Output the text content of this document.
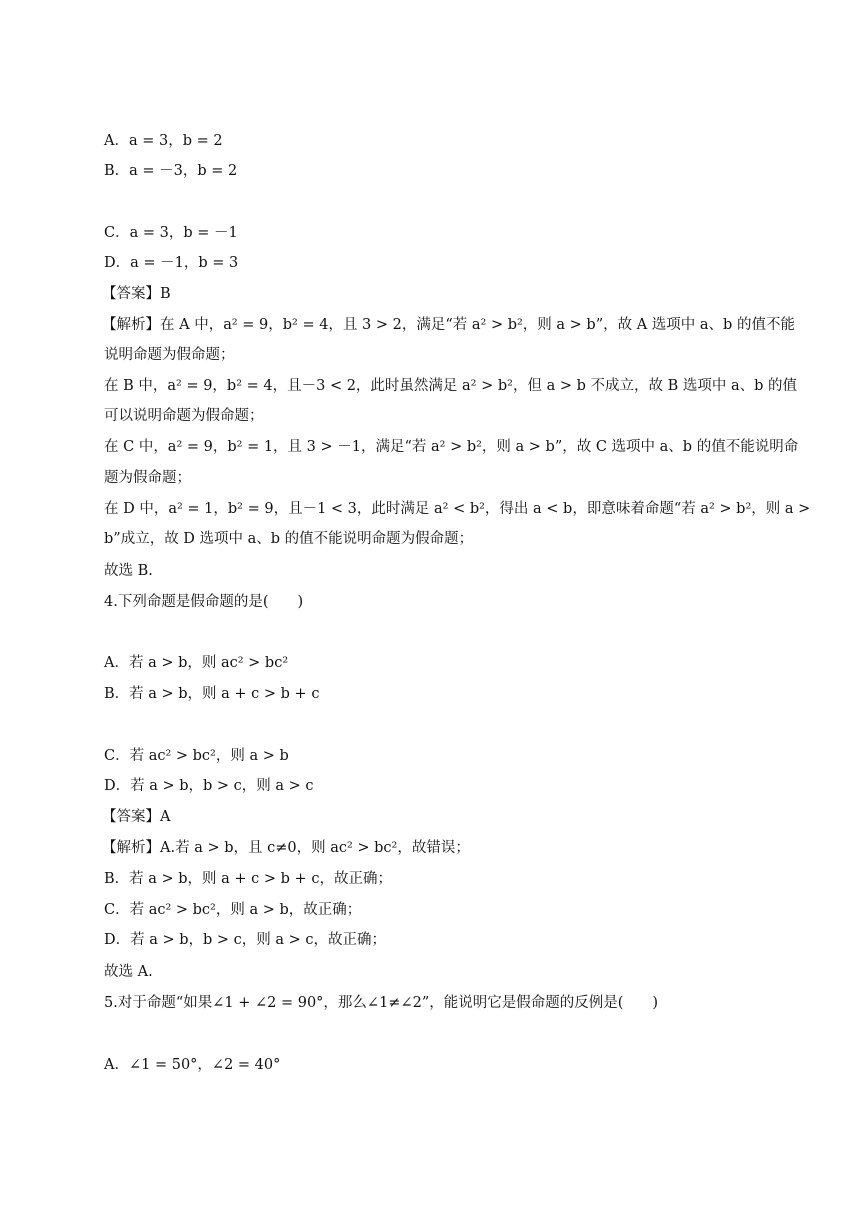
A．a = 3，b = 2
B．a = －3，b = 2
C．a = 3，b = －1
D．a = －1，b = 3
【答案】B
【解析】在 A 中，a² = 9，b² = 4，且 3 > 2，满足“若 a² > b²，则 a > b”，故 A 选项中 a、b 的值不能
说明命题为假命题；
在 B 中，a² = 9，b² = 4，且－3 < 2，此时虽然满足 a² > b²，但 a > b 不成立，故 B 选项中 a、b 的值
可以说明命题为假命题；
在 C 中，a² = 9，b² = 1，且 3 > －1，满足“若 a² > b²，则 a > b”，故 C 选项中 a、b 的值不能说明命
题为假命题；
在 D 中，a² = 1，b² = 9，且－1 < 3，此时满足 a² < b²，得出 a < b，即意味着命题“若 a² > b²，则 a >
b”成立，故 D 选项中 a、b 的值不能说明命题为假命题；
故选 B.
4.下列命题是假命题的是(　　)
A．若 a > b，则 ac² > bc²
B．若 a > b，则 a + c > b + c
C．若 ac² > bc²，则 a > b
D．若 a > b，b > c，则 a > c
【答案】A
【解析】A.若 a > b，且 c≠0，则 ac² > bc²，故错误；
B．若 a > b，则 a + c > b + c，故正确；
C．若 ac² > bc²，则 a > b，故正确；
D．若 a > b，b > c，则 a > c，故正确；
故选 A.
5.对于命题“如果∠1 + ∠2 = 90°，那么∠1≠∠2”，能说明它是假命题的反例是(　　)
A．∠1 = 50°，∠2 = 40°
